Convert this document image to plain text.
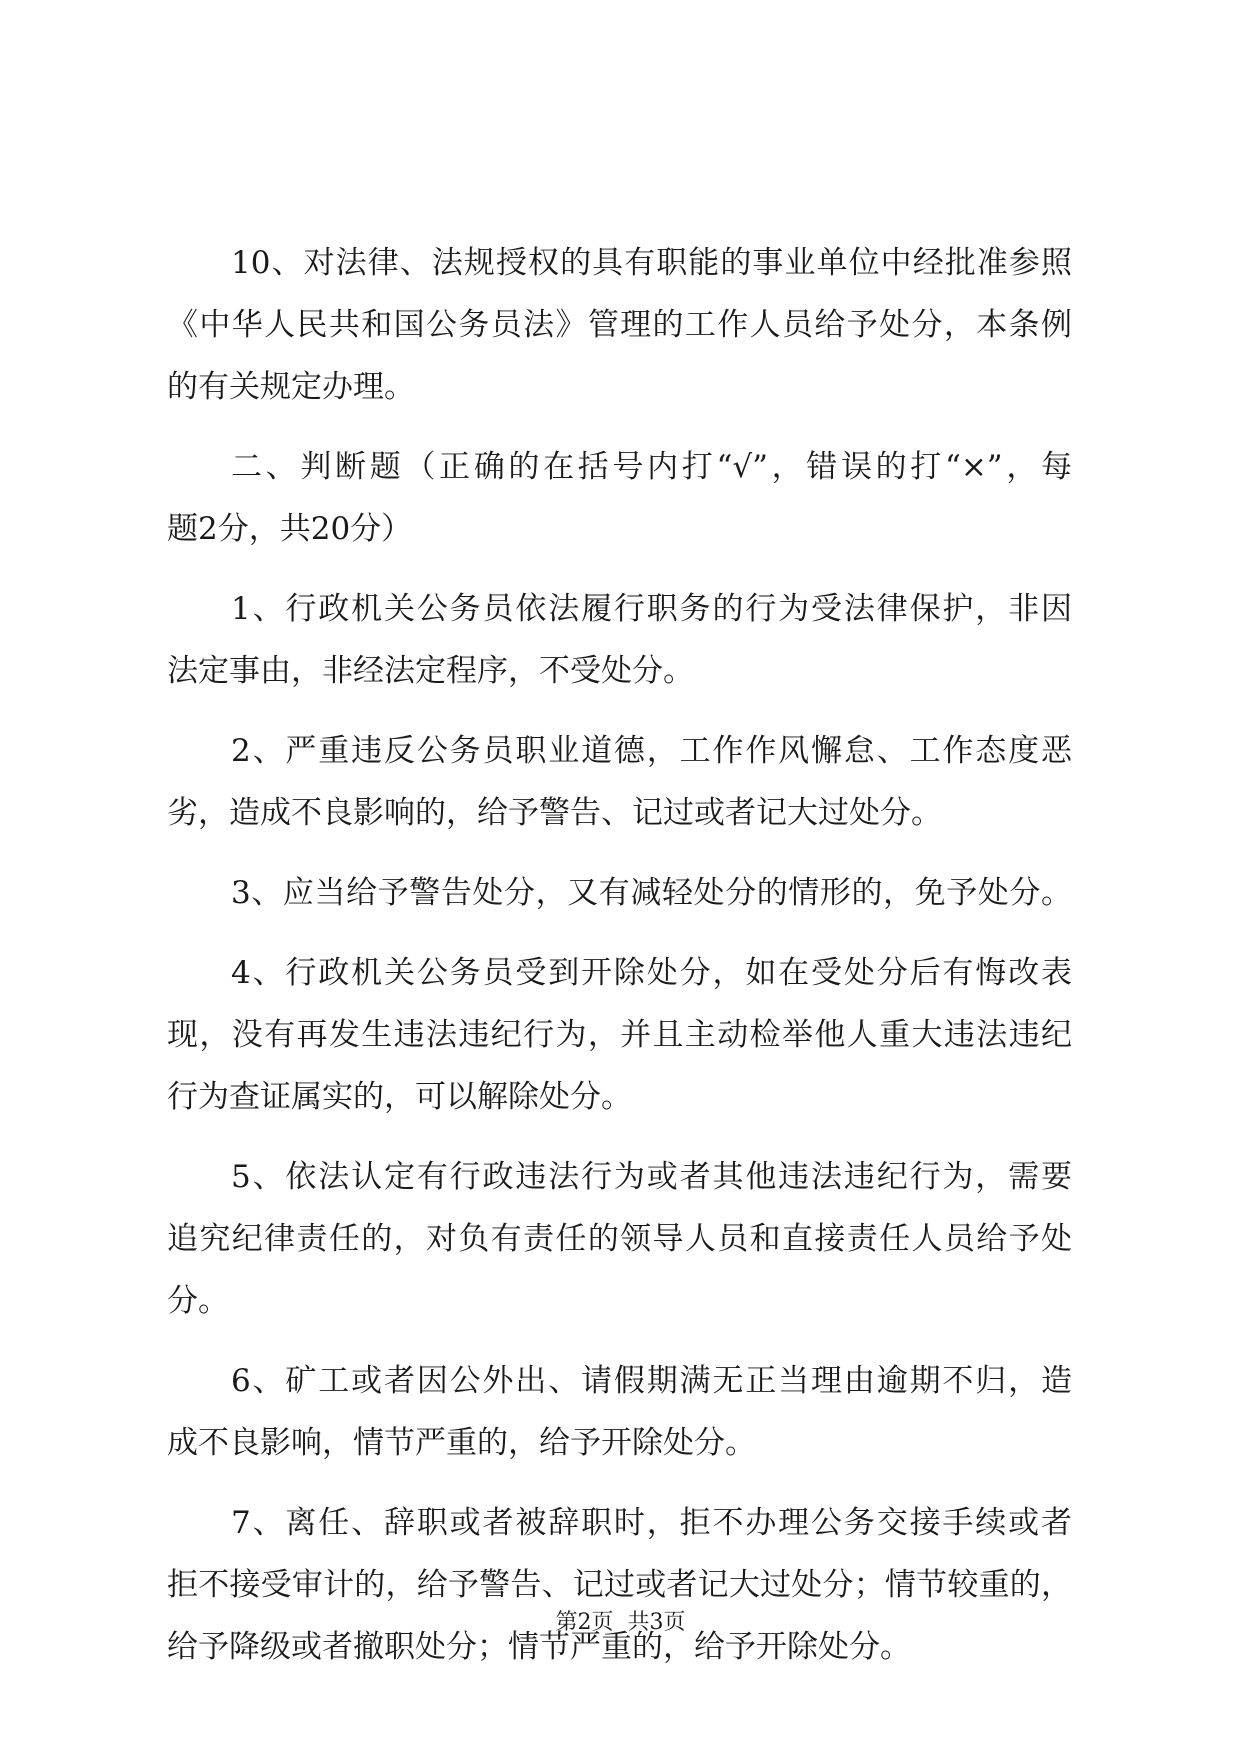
10、对法律、法规授权的具有职能的事业单位中经批准参照
《中华人民共和国公务员法》管理的工作人员给予处分，本条例
的有关规定办理。
二、判断题（正确的在括号内打“√”，错误的打“×”，每
题2分，共20分）
1、行政机关公务员依法履行职务的行为受法律保护，非因
法定事由，非经法定程序，不受处分。
2、严重违反公务员职业道德，工作作风懈怠、工作态度恶
劣，造成不良影响的，给予警告、记过或者记大过处分。
3、应当给予警告处分，又有减轻处分的情形的，免予处分。
4、行政机关公务员受到开除处分，如在受处分后有悔改表
现，没有再发生违法违纪行为，并且主动检举他人重大违法违纪
行为查证属实的，可以解除处分。
5、依法认定有行政违法行为或者其他违法违纪行为，需要
追究纪律责任的，对负有责任的领导人员和直接责任人员给予处
分。
6、矿工或者因公外出、请假期满无正当理由逾期不归，造
成不良影响，情节严重的，给予开除处分。
7、离任、辞职或者被辞职时，拒不办理公务交接手续或者
拒不接受审计的，给予警告、记过或者记大过处分；情节较重的，
给予降级或者撤职处分；情节严重的，给予开除处分。
第2页  共3页
